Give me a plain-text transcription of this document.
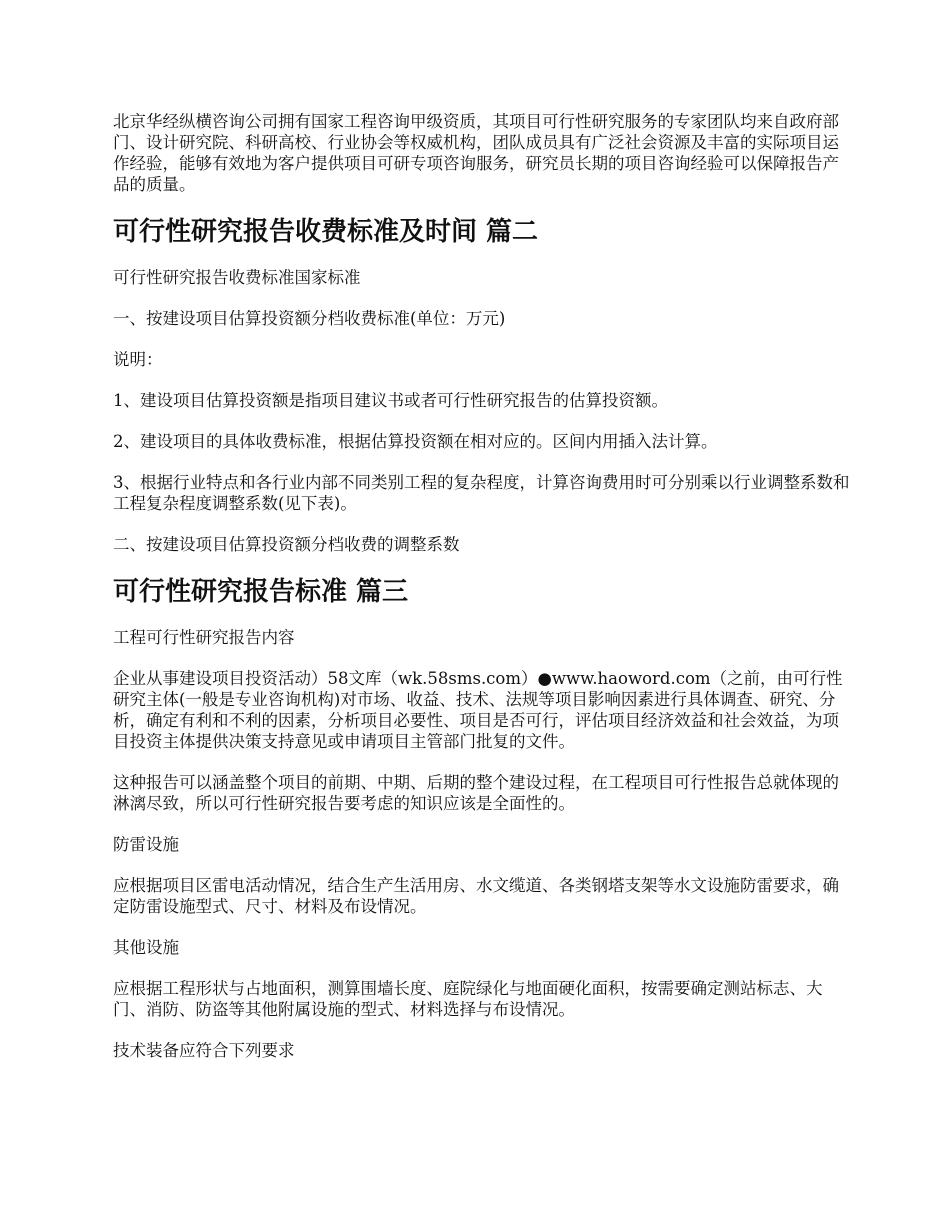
北京华经纵横咨询公司拥有国家工程咨询甲级资质，其项目可行性研究服务的专家团队均来自政府部门、设计研究院、科研高校、行业协会等权威机构，团队成员具有广泛社会资源及丰富的实际项目运作经验，能够有效地为客户提供项目可研专项咨询服务，研究员长期的项目咨询经验可以保障报告产品的质量。

可行性研究报告收费标准及时间 篇二

可行性研究报告收费标准国家标准

一、按建设项目估算投资额分档收费标准(单位：万元)

说明：

1、建设项目估算投资额是指项目建议书或者可行性研究报告的估算投资额。

2、建设项目的具体收费标准，根据估算投资额在相对应的。区间内用插入法计算。

3、根据行业特点和各行业内部不同类别工程的复杂程度，计算咨询费用时可分别乘以行业调整系数和工程复杂程度调整系数(见下表)。

二、按建设项目估算投资额分档收费的调整系数

可行性研究报告标准 篇三

工程可行性研究报告内容

企业从事建设项目投资活动）58文库（wk.58sms.com）●www.haoword.com（之前，由可行性研究主体(一般是专业咨询机构)对市场、收益、技术、法规等项目影响因素进行具体调查、研究、分析，确定有利和不利的因素，分析项目必要性、项目是否可行，评估项目经济效益和社会效益，为项目投资主体提供决策支持意见或申请项目主管部门批复的文件。

这种报告可以涵盖整个项目的前期、中期、后期的整个建设过程，在工程项目可行性报告总就体现的淋漓尽致，所以可行性研究报告要考虑的知识应该是全面性的。

防雷设施

应根据项目区雷电活动情况，结合生产生活用房、水文缆道、各类钢塔支架等水文设施防雷要求，确定防雷设施型式、尺寸、材料及布设情况。

其他设施

应根据工程形状与占地面积，测算围墙长度、庭院绿化与地面硬化面积，按需要确定测站标志、大门、消防、防盗等其他附属设施的型式、材料选择与布设情况。

技术装备应符合下列要求
